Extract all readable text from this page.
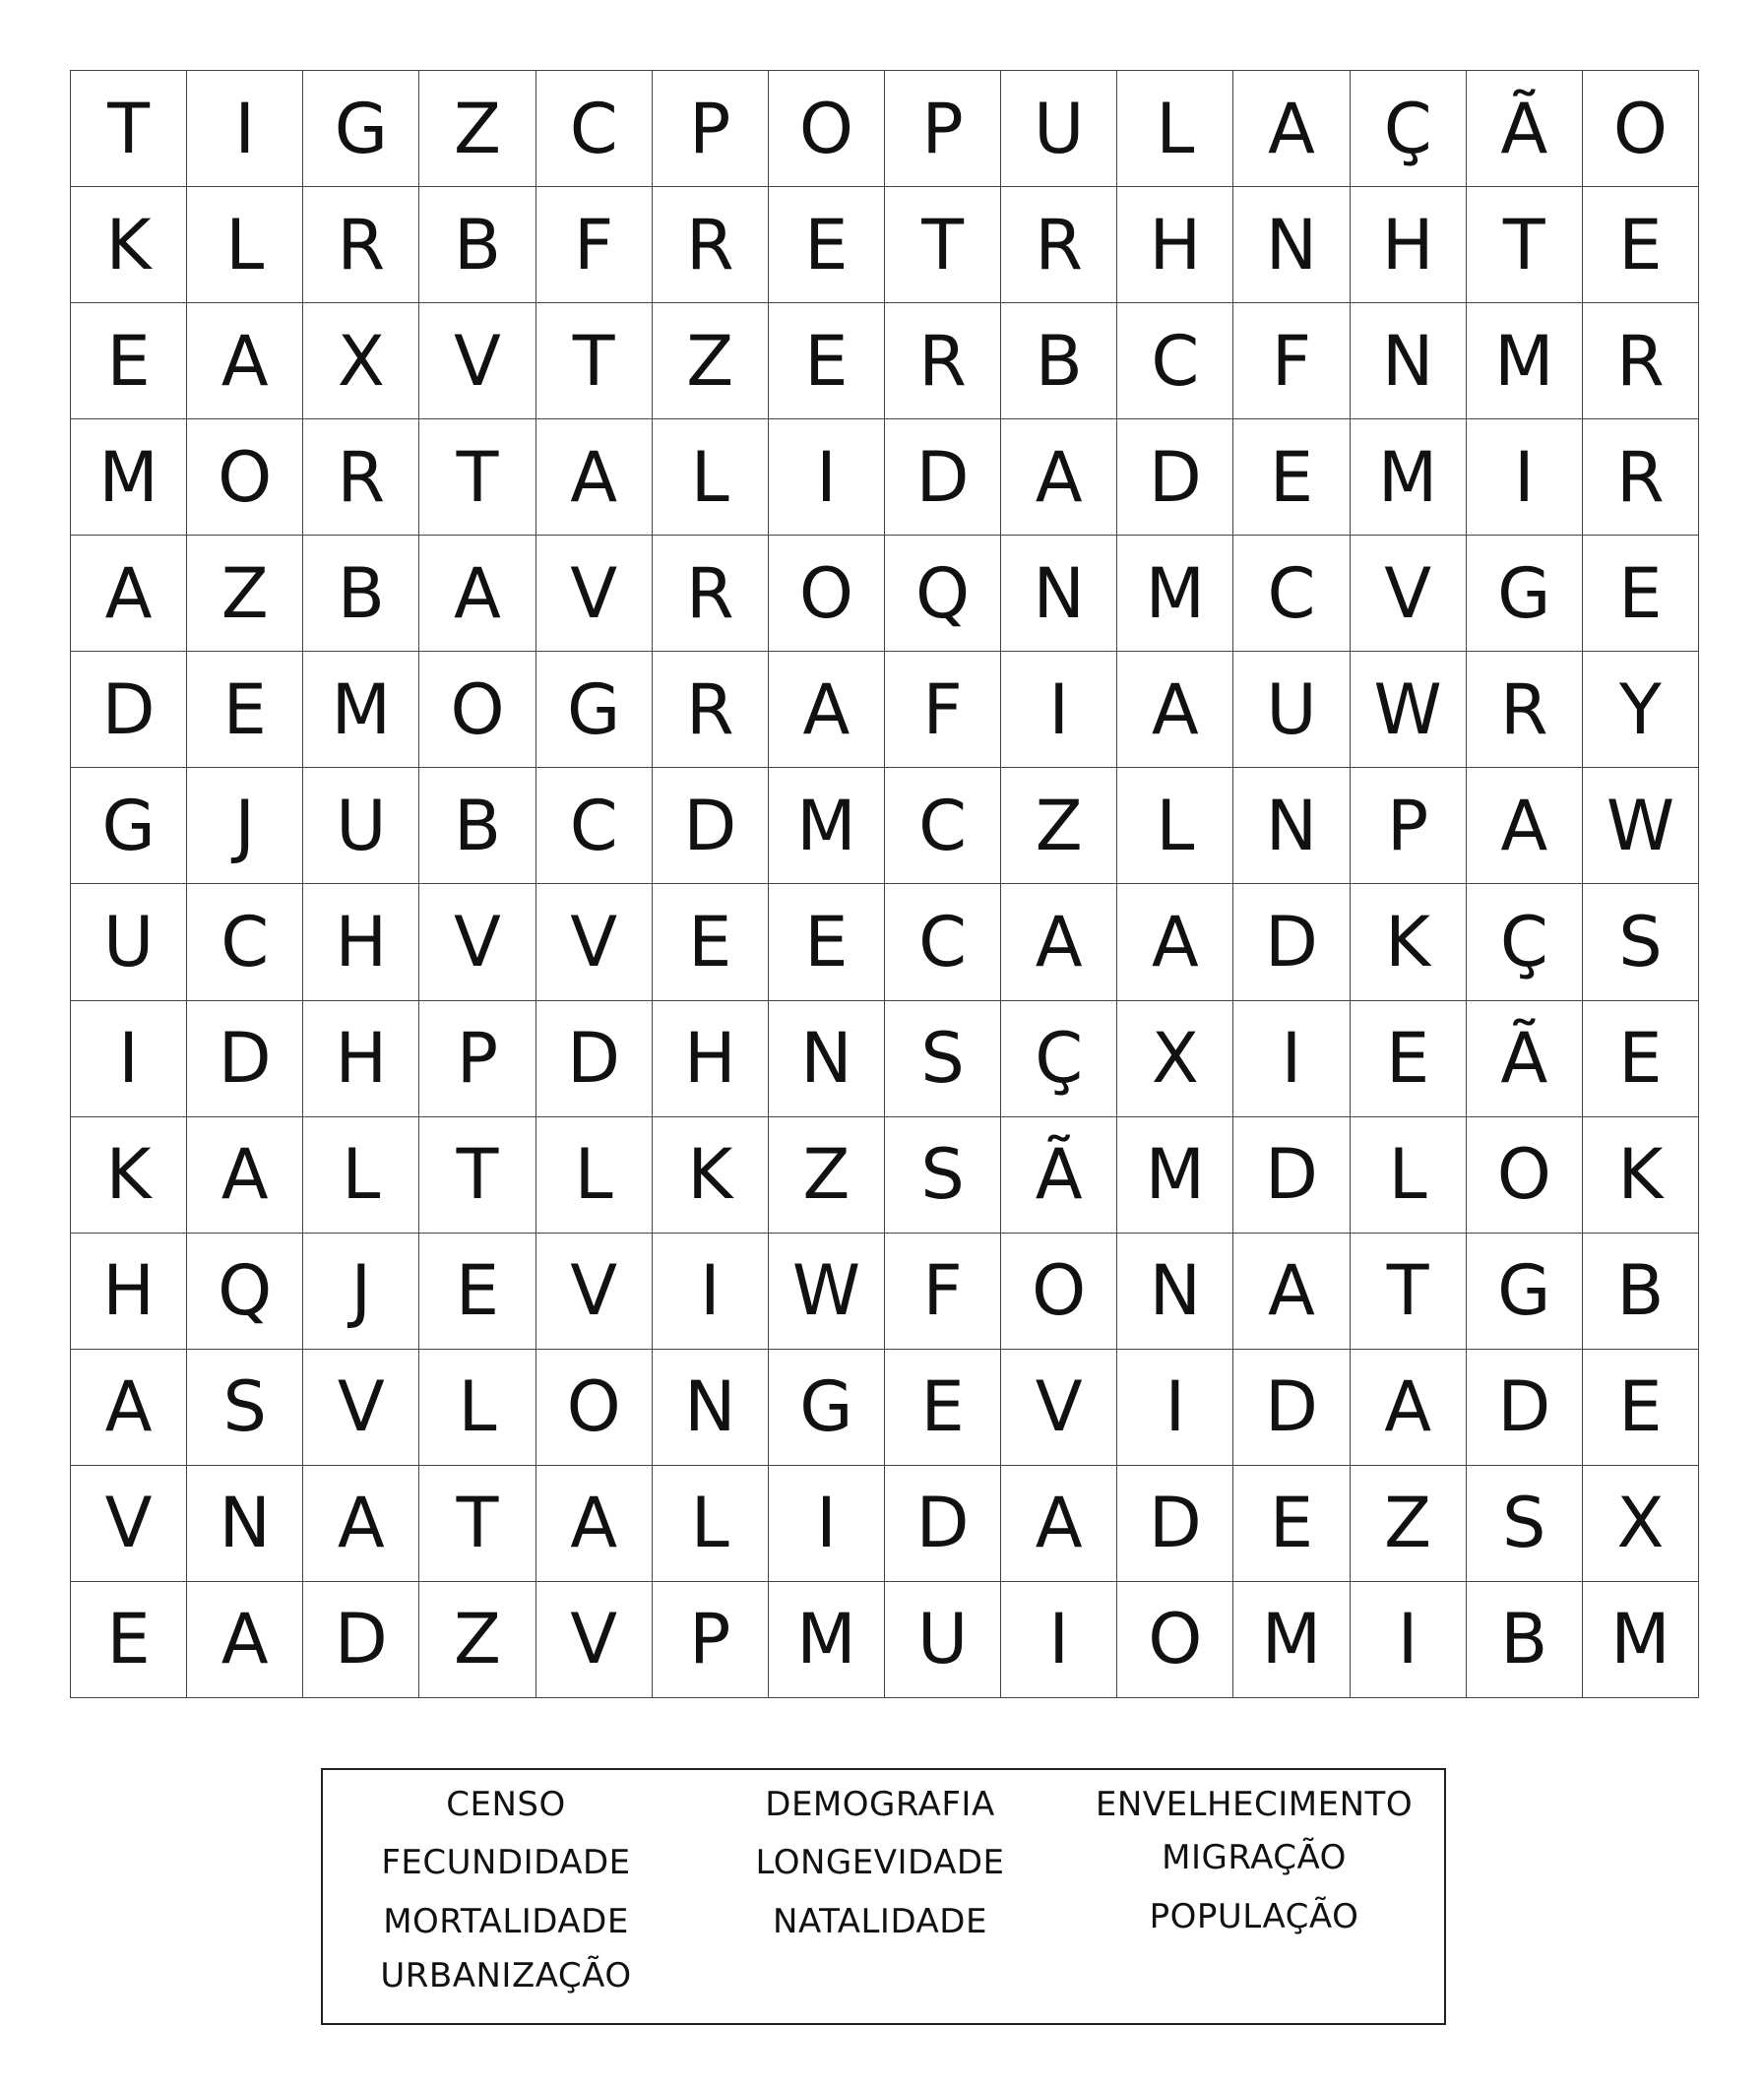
T	I	G Z C	P O P	U	L	A Ç Ã O
K	L	R B	F	R	E	T	R H N H	T	E
E	A	X	V	T	Z	E	R B C	F	N M R
M O R	T	A	L	I	D A D E M	I	R
A	Z	B	A	V R O Q N M C V G E
D E M O G R A	F	I	A U W R	Y
G	J	U B C D M C Z	L	N	P	A W
U C H V	V	E	E	C A	A D K	Ç	S
I	D H	P	D H N S	Ç X	I	E	Ã	E
K	A	L	T	L	K	Z	S	Ã M D	L	O K
H Q	J	E	V	I	W F	O N A	T G B
A	S	V	L	O N G E	V	I	D A D E
V N A	T	A	L	I	D A D E	Z	S	X
E	A D Z	V	P M U	I	O M	I	B M
CENSO
FECUNDIDADE
MORTALIDADE
URBANIZAÇÃO
DEMOGRAFIA
LONGEVIDADE
NATALIDADE
ENVELHECIMENTO
MIGRAÇÃO
POPULAÇÃO
